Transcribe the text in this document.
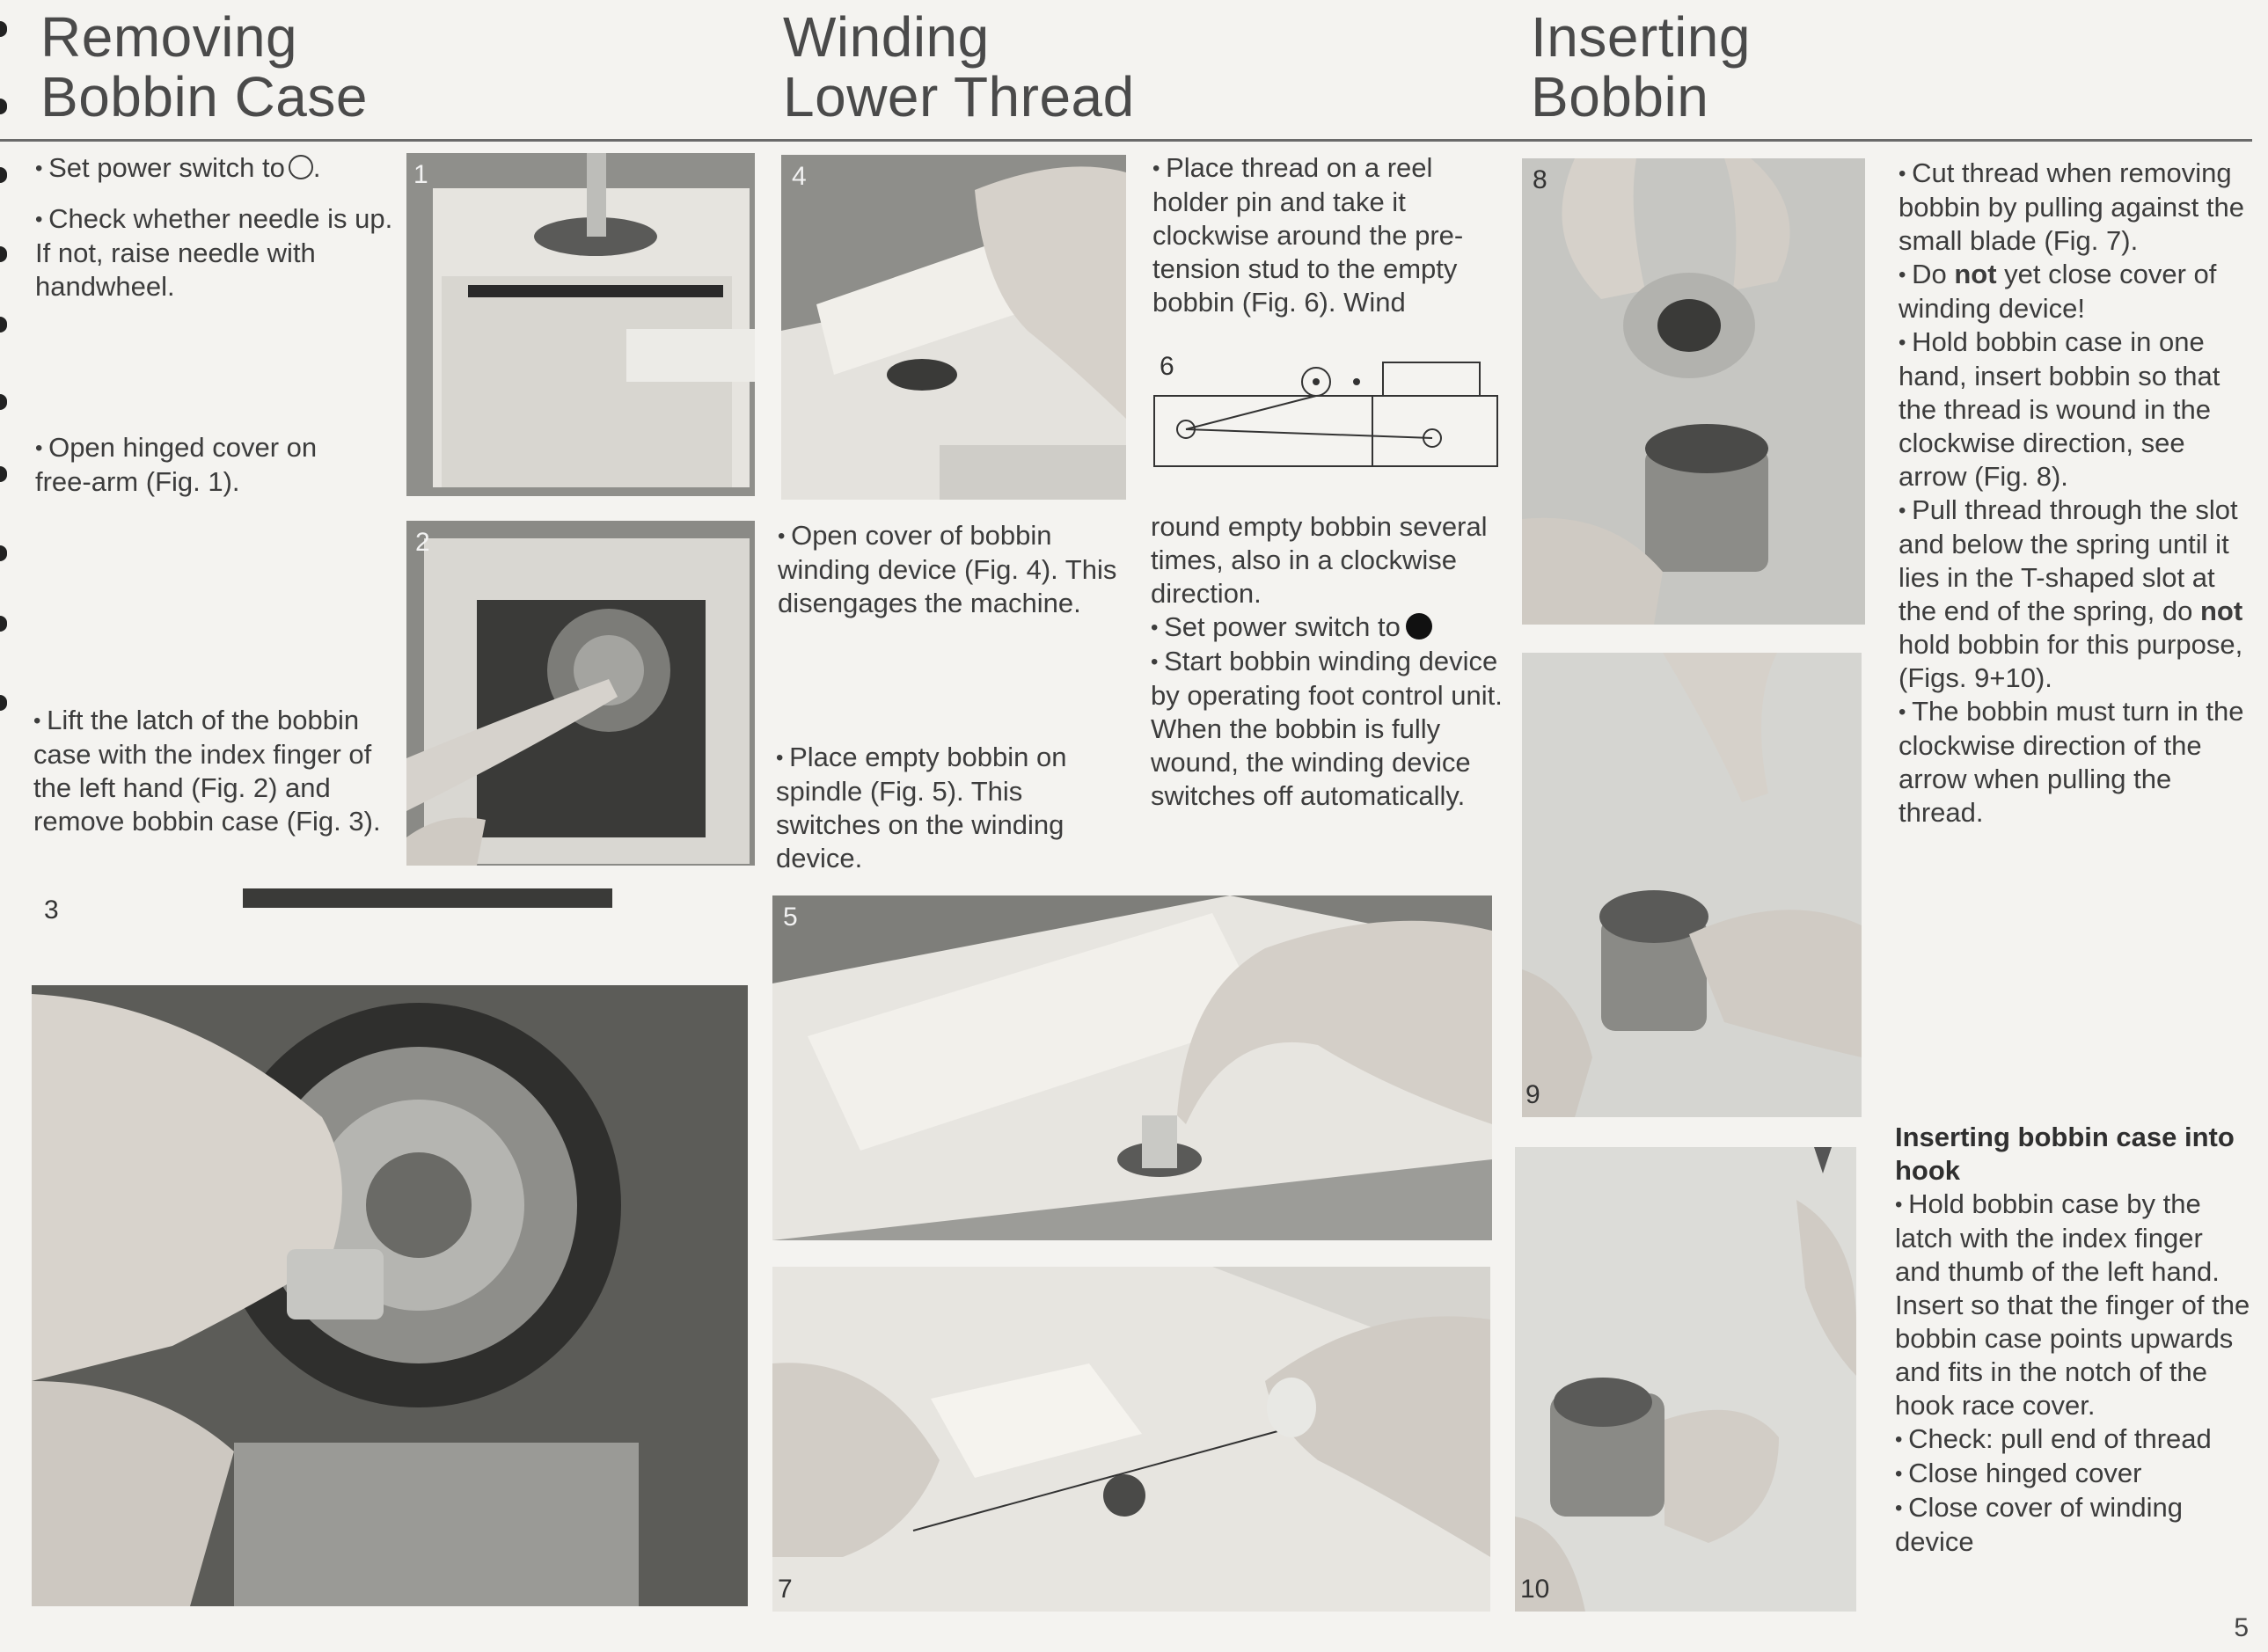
Removing
Bobbin Case
Winding
Lower Thread
Inserting
Bobbin

• Set power switch to .

• Check whether needle is up. If not, raise needle with handwheel.

• Open hinged cover on free-arm (Fig. 1).

• Lift the latch of the bobbin case with the index finger of the left hand (Fig. 2) and remove bobbin case (Fig. 3).

1
2
3
4

• Open cover of bobbin winding device (Fig. 4). This disengages the machine.

• Place empty bobbin on spindle (Fig. 5). This switches on the winding device.

5
7

• Place thread on a reel holder pin and take it clockwise around the pre-tension stud to the empty bobbin (Fig. 6). Wind

6

round empty bobbin several times, also in a clockwise direction.

• Set power switch to

• Start bobbin winding device by operating foot control unit. When the bobbin is fully wound, the winding device switches off automatically.

8
9
10

• Cut thread when removing bobbin by pulling against the small blade (Fig. 7).

• Do not yet close cover of winding device!

• Hold bobbin case in one hand, insert bobbin so that the thread is wound in the clockwise direction, see arrow (Fig. 8).

• Pull thread through the slot and below the spring until it lies in the T-shaped slot at the end of the spring, do not hold bobbin for this purpose, (Figs. 9+10).

• The bobbin must turn in the clockwise direction of the arrow when pulling the thread.

Inserting bobbin case into hook

• Hold bobbin case by the latch with the index finger and thumb of the left hand. Insert so that the finger of the bobbin case points upwards and fits in the notch of the hook race cover.

• Check: pull end of thread

• Close hinged cover

• Close cover of winding device

5
